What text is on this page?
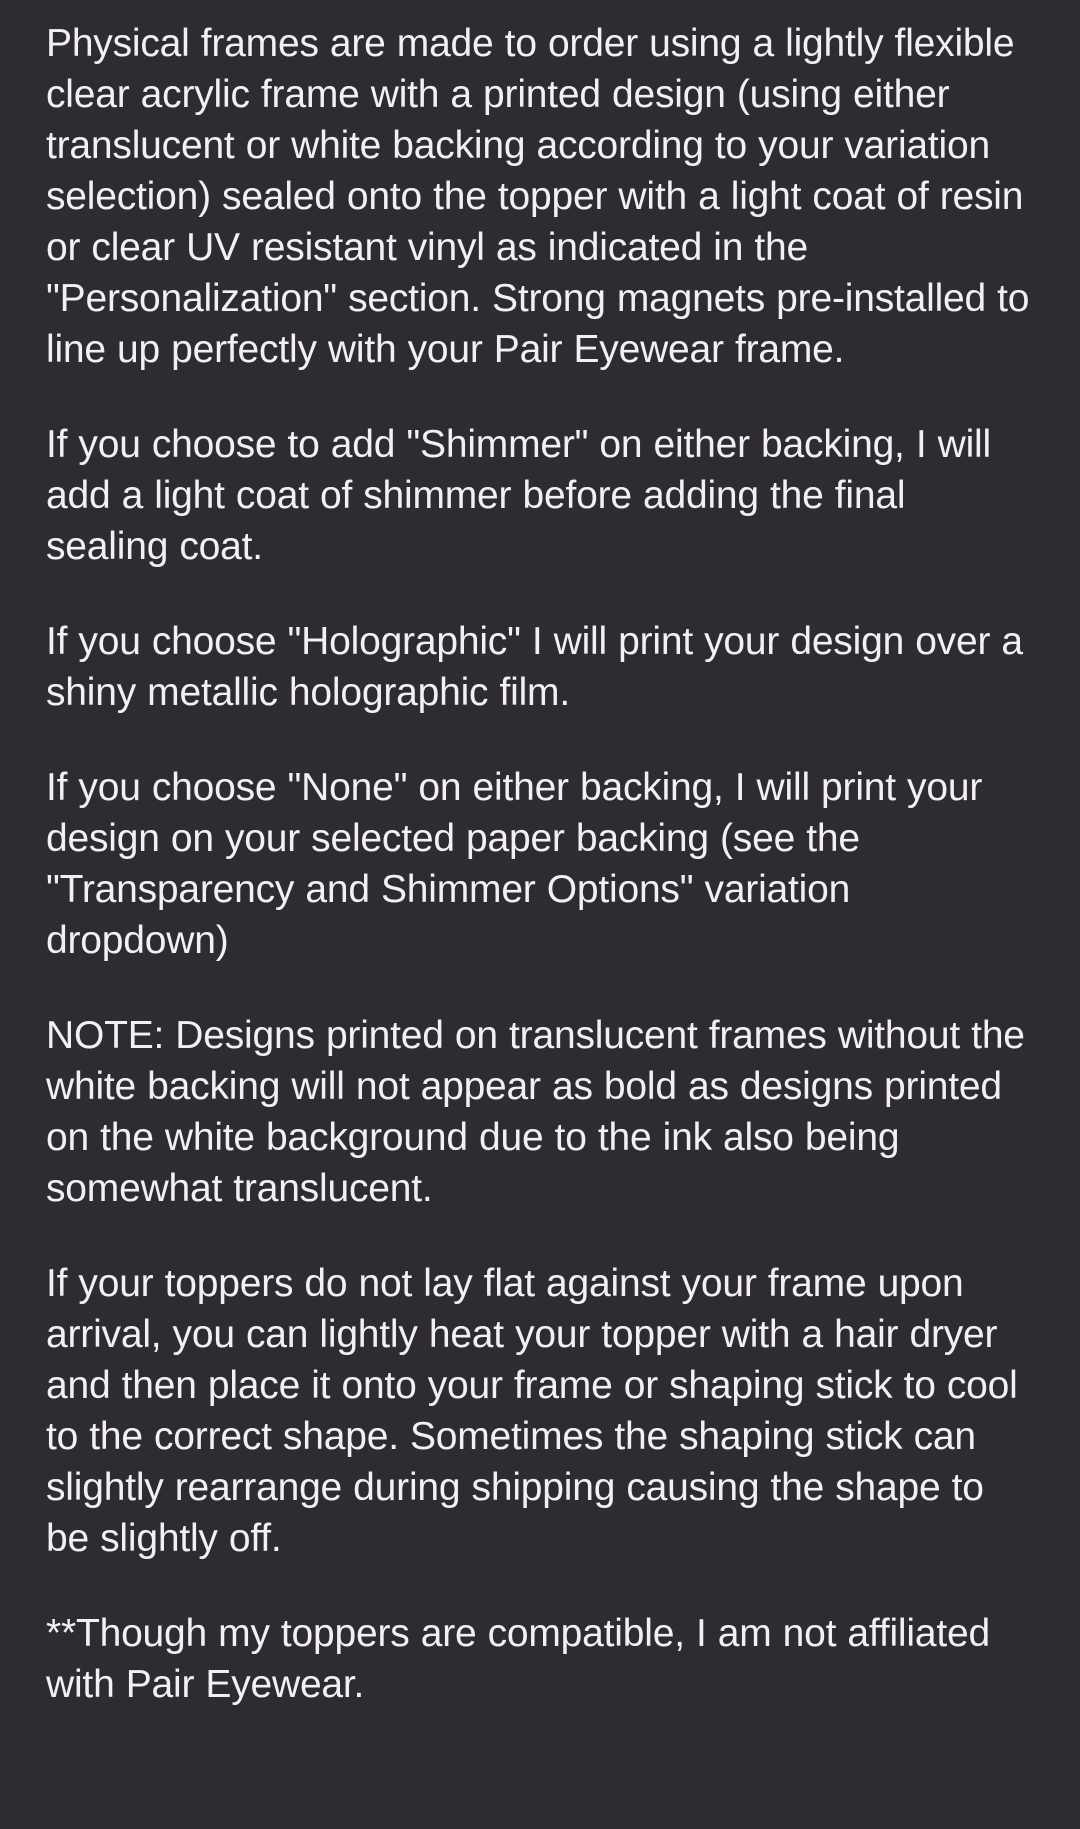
Physical frames are made to order using a lightly flexible clear acrylic frame with a printed design (using either translucent or white backing according to your variation selection) sealed onto the topper with a light coat of resin or clear UV resistant vinyl as indicated in the "Personalization" section. Strong magnets pre-installed to line up perfectly with your Pair Eyewear frame.

If you choose to add "Shimmer" on either backing, I will add a light coat of shimmer before adding the final sealing coat.

If you choose "Holographic" I will print your design over a shiny metallic holographic film.

If you choose "None" on either backing, I will print your design on your selected paper backing (see the "Transparency and Shimmer Options" variation dropdown)

NOTE: Designs printed on translucent frames without the white backing will not appear as bold as designs printed on the white background due to the ink also being somewhat translucent.

If your toppers do not lay flat against your frame upon arrival, you can lightly heat your topper with a hair dryer and then place it onto your frame or shaping stick to cool to the correct shape. Sometimes the shaping stick can slightly rearrange during shipping causing the shape to be slightly off.

**Though my toppers are compatible, I am not affiliated with Pair Eyewear.
